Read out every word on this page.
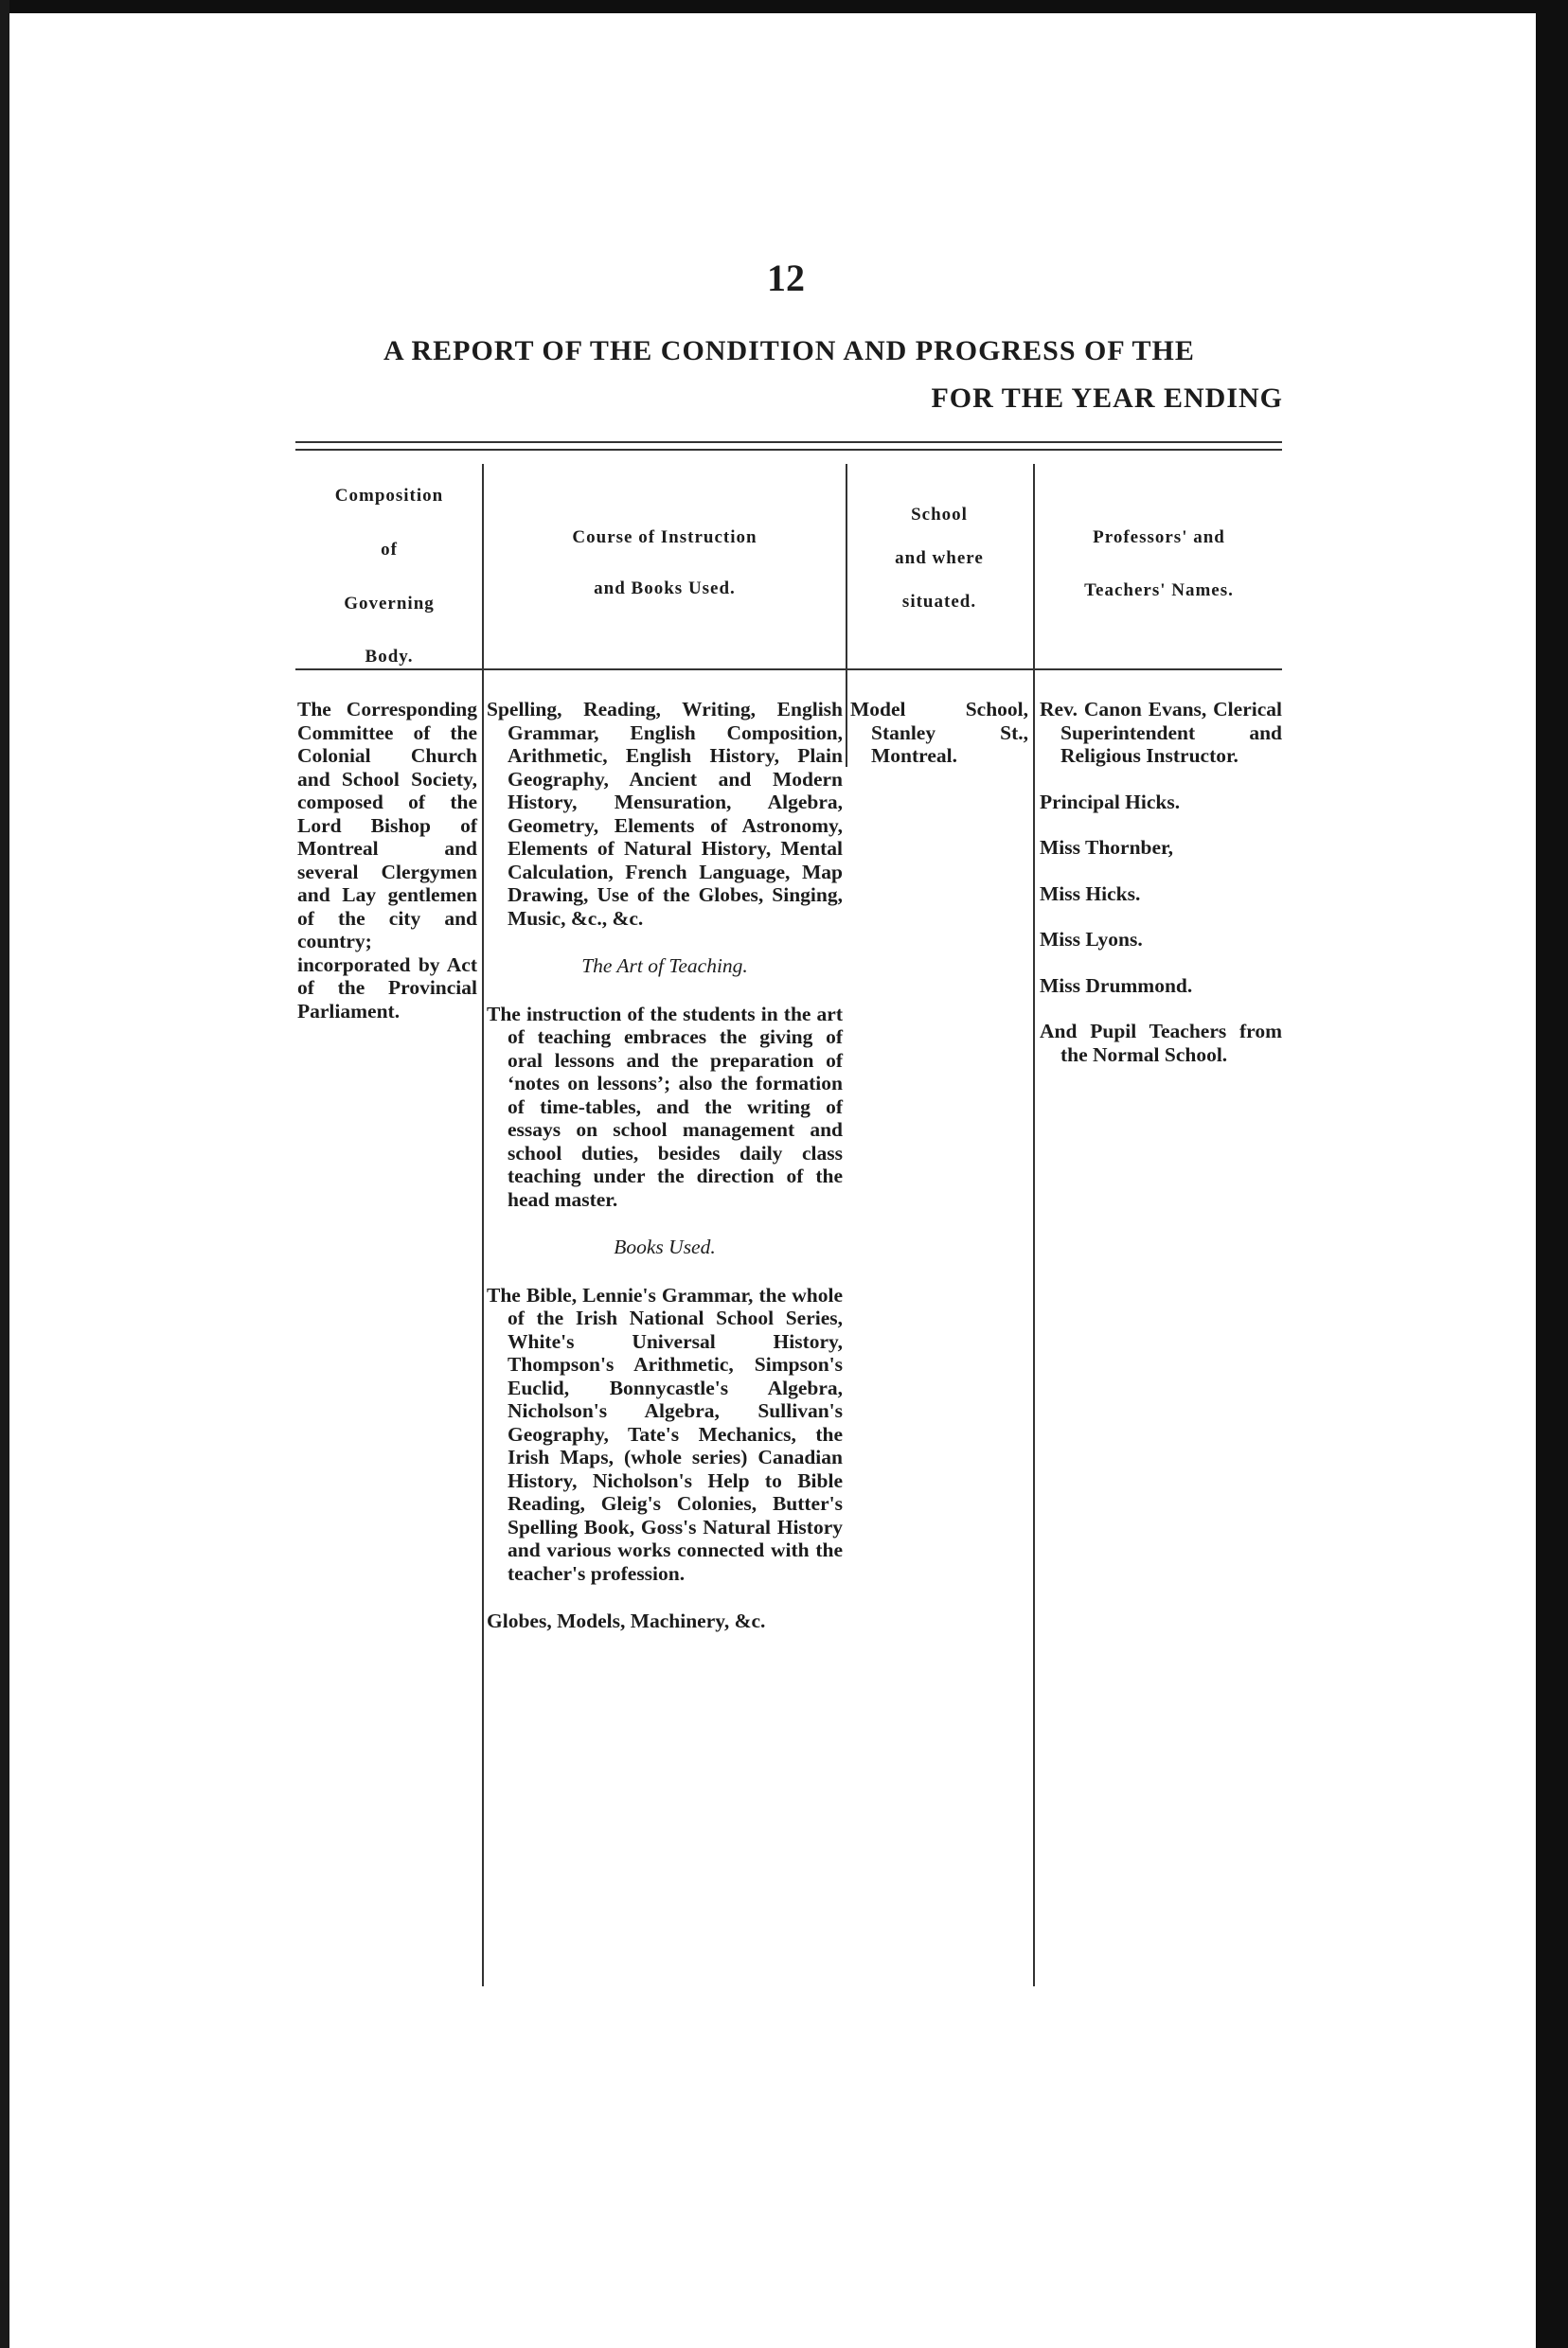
12
A REPORT OF THE CONDITION AND PROGRESS OF THE
FOR THE YEAR ENDING
Composition
of
Governing
Body.
Course of Instruction
and Books Used.
School
and where
situated.
Professors' and
Teachers' Names.
The Corresponding Committee of the Colonial Church and School Society, composed of the Lord Bishop of Montreal and several Clergymen and Lay gentlemen of the city and country; incorporated by Act of the Provincial Parliament.

Spelling, Reading, Writing, English Grammar, English Composition, Arithmetic, English History, Plain Geography, Ancient and Modern History, Mensuration, Algebra, Geometry, Elements of Astronomy, Elements of Natural History, Mental Calculation, French Language, Map Drawing, Use of the Globes, Singing, Music, &c., &c.

The Art of Teaching.

The instruction of the students in the art of teaching embraces the giving of oral lessons and the preparation of ‘notes on lessons’; also the formation of time-tables, and the writing of essays on school management and school duties, besides daily class teaching under the direction of the head master.

Books Used.

The Bible, Lennie's Grammar, the whole of the Irish National School Series, White's Universal History, Thompson's Arithmetic, Simpson's Euclid, Bonnycastle's Algebra, Nicholson's Algebra, Sullivan's Geography, Tate's Mechanics, the Irish Maps, (whole series) Canadian History, Nicholson's Help to Bible Reading, Gleig's Colonies, Butter's Spelling Book, Goss's Natural History and various works connected with the teacher's profession.

Globes, Models, Machinery, &c.

Model School, Stanley St., Montreal.

Rev. Canon Evans, Clerical Superintendent and Religious Instructor.

Principal Hicks.

Miss Thornber,

Miss Hicks.

Miss Lyons.

Miss Drummond.

And Pupil Teachers from the Normal School.
